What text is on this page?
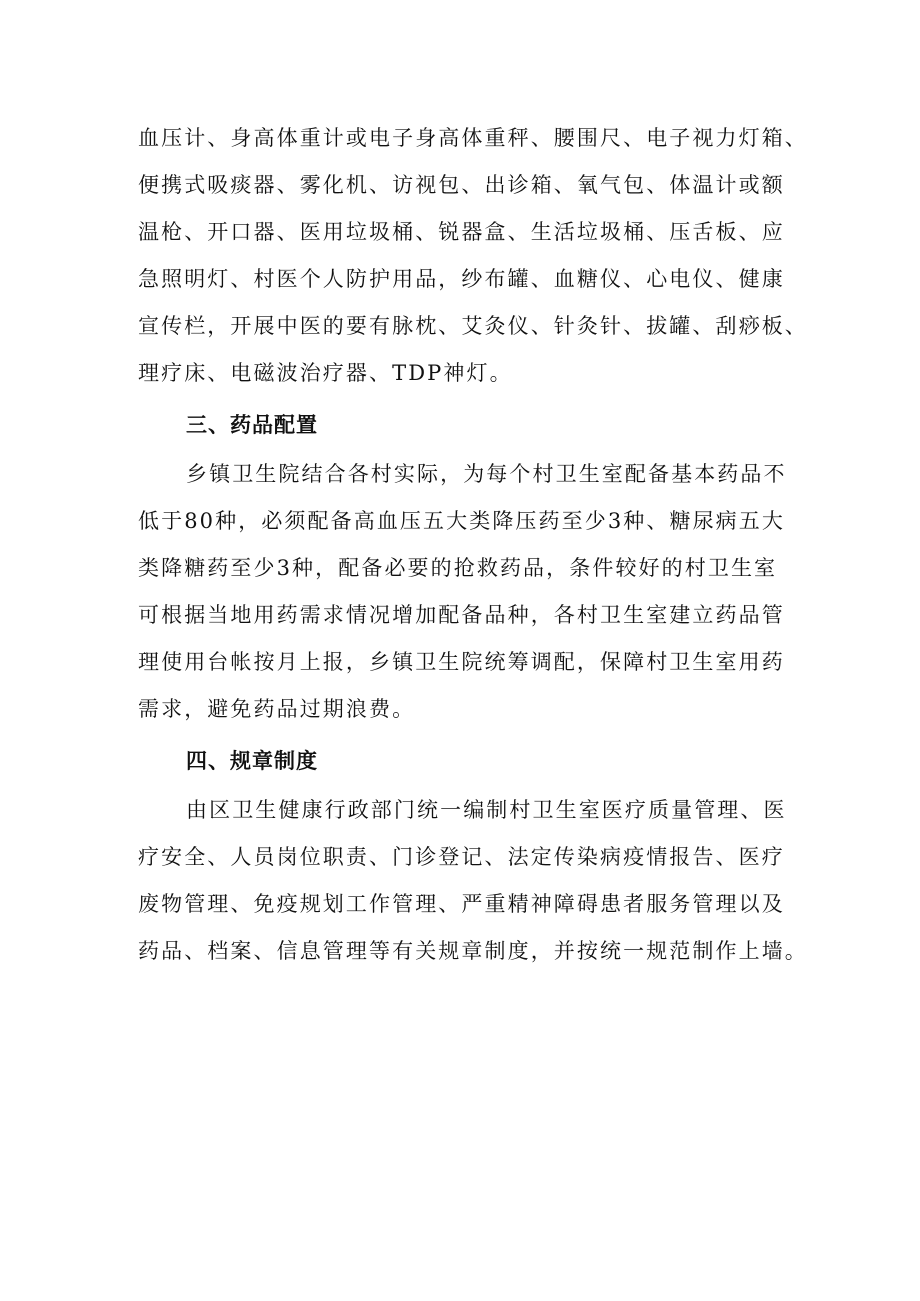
血压计、身高体重计或电子身高体重秤、腰围尺、电子视力灯箱、
便携式吸痰器、雾化机、访视包、出诊箱、氧气包、体温计或额
温枪、开口器、医用垃圾桶、锐器盒、生活垃圾桶、压舌板、应
急照明灯、村医个人防护用品，纱布罐、血糖仪、心电仪、健康
宣传栏，开展中医的要有脉枕、艾灸仪、针灸针、拔罐、刮痧板、
理疗床、电磁波治疗器、TDP神灯。
三、药品配置
乡镇卫生院结合各村实际，为每个村卫生室配备基本药品不
低于80种，必须配备高血压五大类降压药至少3种、糖尿病五大
类降糖药至少3种，配备必要的抢救药品，条件较好的村卫生室
可根据当地用药需求情况增加配备品种，各村卫生室建立药品管
理使用台帐按月上报，乡镇卫生院统筹调配，保障村卫生室用药
需求，避免药品过期浪费。
四、规章制度
由区卫生健康行政部门统一编制村卫生室医疗质量管理、医
疗安全、人员岗位职责、门诊登记、法定传染病疫情报告、医疗
废物管理、免疫规划工作管理、严重精神障碍患者服务管理以及
药品、档案、信息管理等有关规章制度，并按统一规范制作上墙。
